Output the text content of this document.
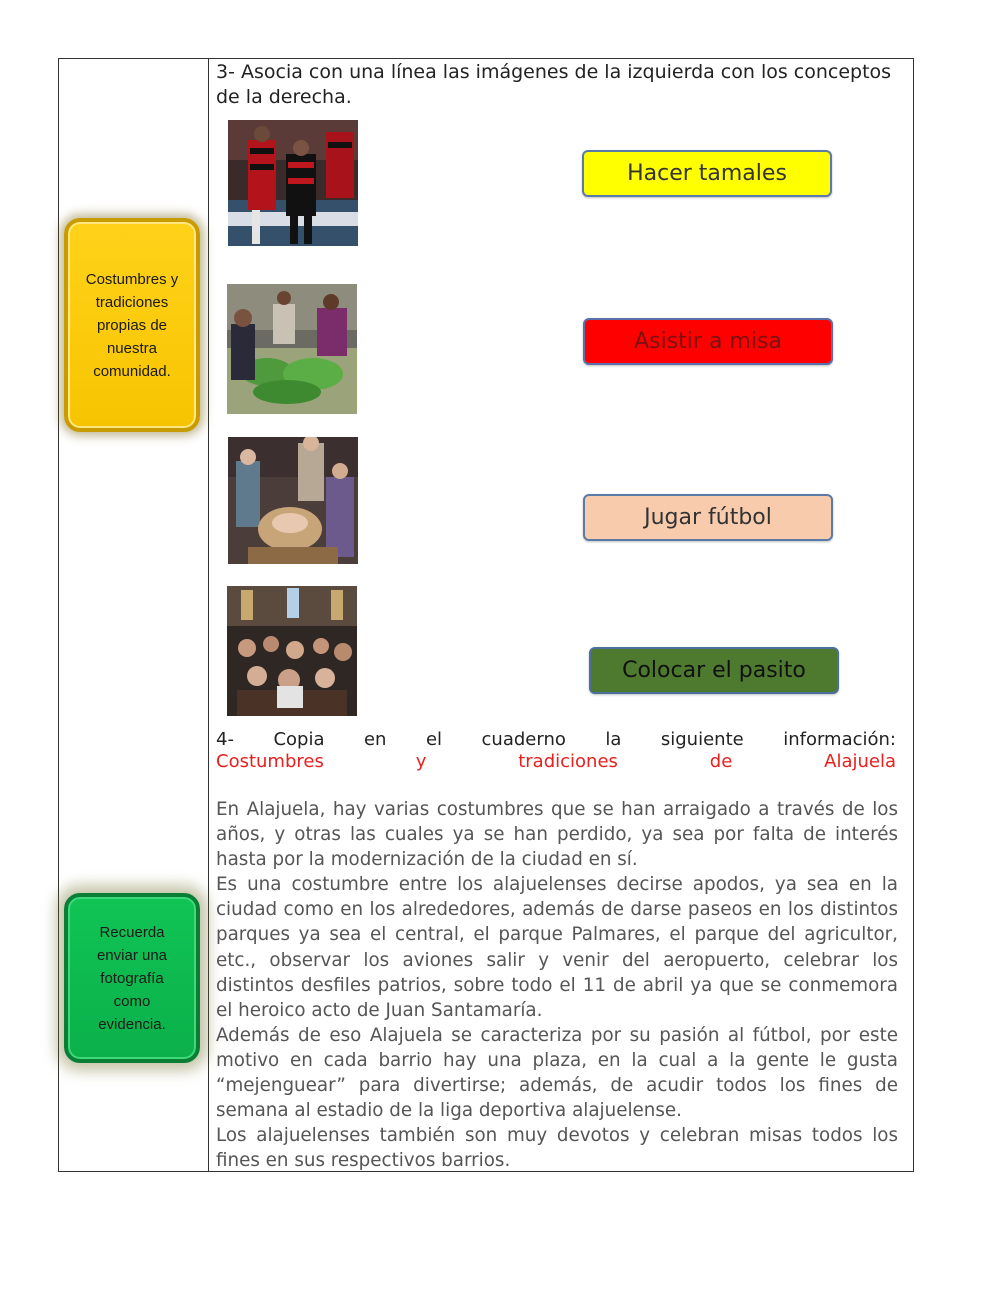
Costumbres y tradiciones propias de nuestra comunidad.
Recuerda enviar una fotografía como evidencia.
3- Asocia con una línea las imágenes de la izquierda con los conceptos de la derecha.
Hacer tamales
Asistir a misa
Jugar fútbol
Colocar el pasito
4- Copia en el cuaderno la siguiente información:
Costumbres y tradiciones de Alajuela

En Alajuela, hay varias costumbres que se han arraigado a través de los años, y otras las cuales ya se han perdido, ya sea por falta de interés hasta por la modernización de la ciudad en sí.

Es una costumbre entre los alajuelenses decirse apodos, ya sea en la ciudad como en los alrededores, además de darse paseos en los distintos parques ya sea el central, el parque Palmares, el parque del agricultor, etc., observar los aviones salir y venir del aeropuerto, celebrar los distintos desfiles patrios, sobre todo el 11 de abril ya que se conmemora el heroico acto de Juan Santamaría.

Además de eso Alajuela se caracteriza por su pasión al fútbol, por este motivo en cada barrio hay una plaza, en la cual a la gente le gusta “mejenguear” para divertirse; además, de acudir todos los fines de semana al estadio de la liga deportiva alajuelense.

Los alajuelenses también son muy devotos y celebran misas todos los fines en sus respectivos barrios.
